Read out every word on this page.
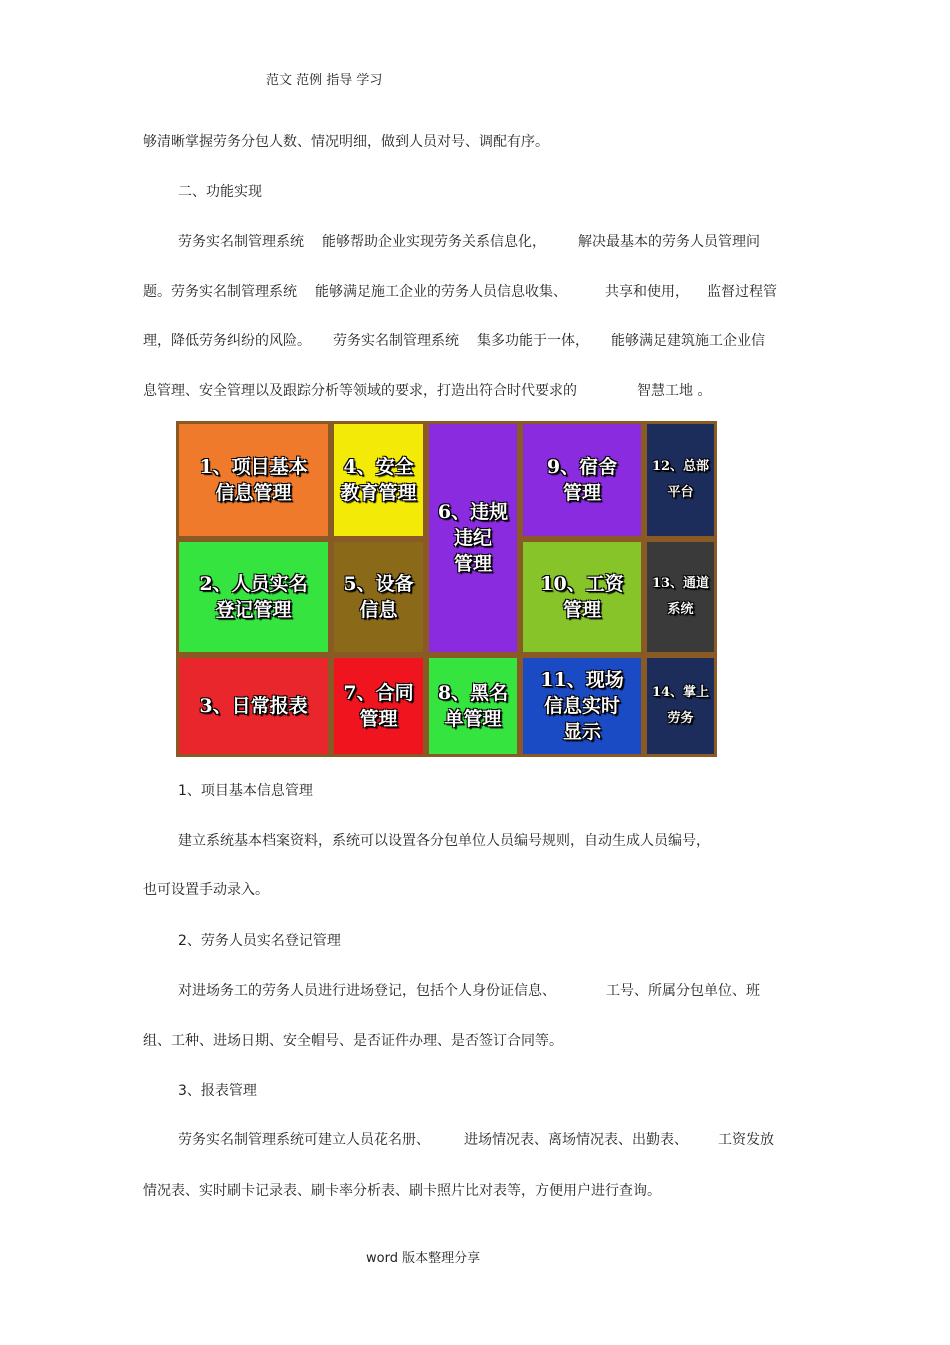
范文 范例 指导 学习
够清晰掌握劳务分包人数、情况明细，做到人员对号、调配有序。
二、功能实现
劳务实名制管理系统 能够帮助企业实现劳务关系信息化， 解决最基本的劳务人员管理问
题。劳务实名制管理系统 能够满足施工企业的劳务人员信息收集、	共享和使用， 监督过程管
理，降低劳务纠纷的风险。 劳务实名制管理系统 集多功能于一体， 能够满足建筑施工企业信
息管理、安全管理以及跟踪分析等领域的要求，打造出符合时代要求的	智慧工地 。
1、项目基本
信息管理
4、安全
教育管理
6、违规
违纪
管理
9、宿舍
管理
12、总部
平台
2、人员实名
登记管理
5、设备
信息
10、工资
管理
13、通道
系统
3、日常报表
7、合同
管理
8、黑名
单管理
11、现场
信息实时
显示
14、掌上
劳务
1、项目基本信息管理
建立系统基本档案资料，系统可以设置各分包单位人员编号规则，自动生成人员编号，
也可设置手动录入。
2、劳务人员实名登记管理
对进场务工的劳务人员进行进场登记，包括个人身份证信息、	工号、所属分包单位、班
组、工种、进场日期、安全帽号、是否证件办理、是否签订合同等。
3、报表管理
劳务实名制管理系统可建立人员花名册、 进场情况表、离场情况表、出勤表、 工资发放
情况表、实时刷卡记录表、刷卡率分析表、刷卡照片比对表等，方便用户进行查询。
word 版本整理分享
